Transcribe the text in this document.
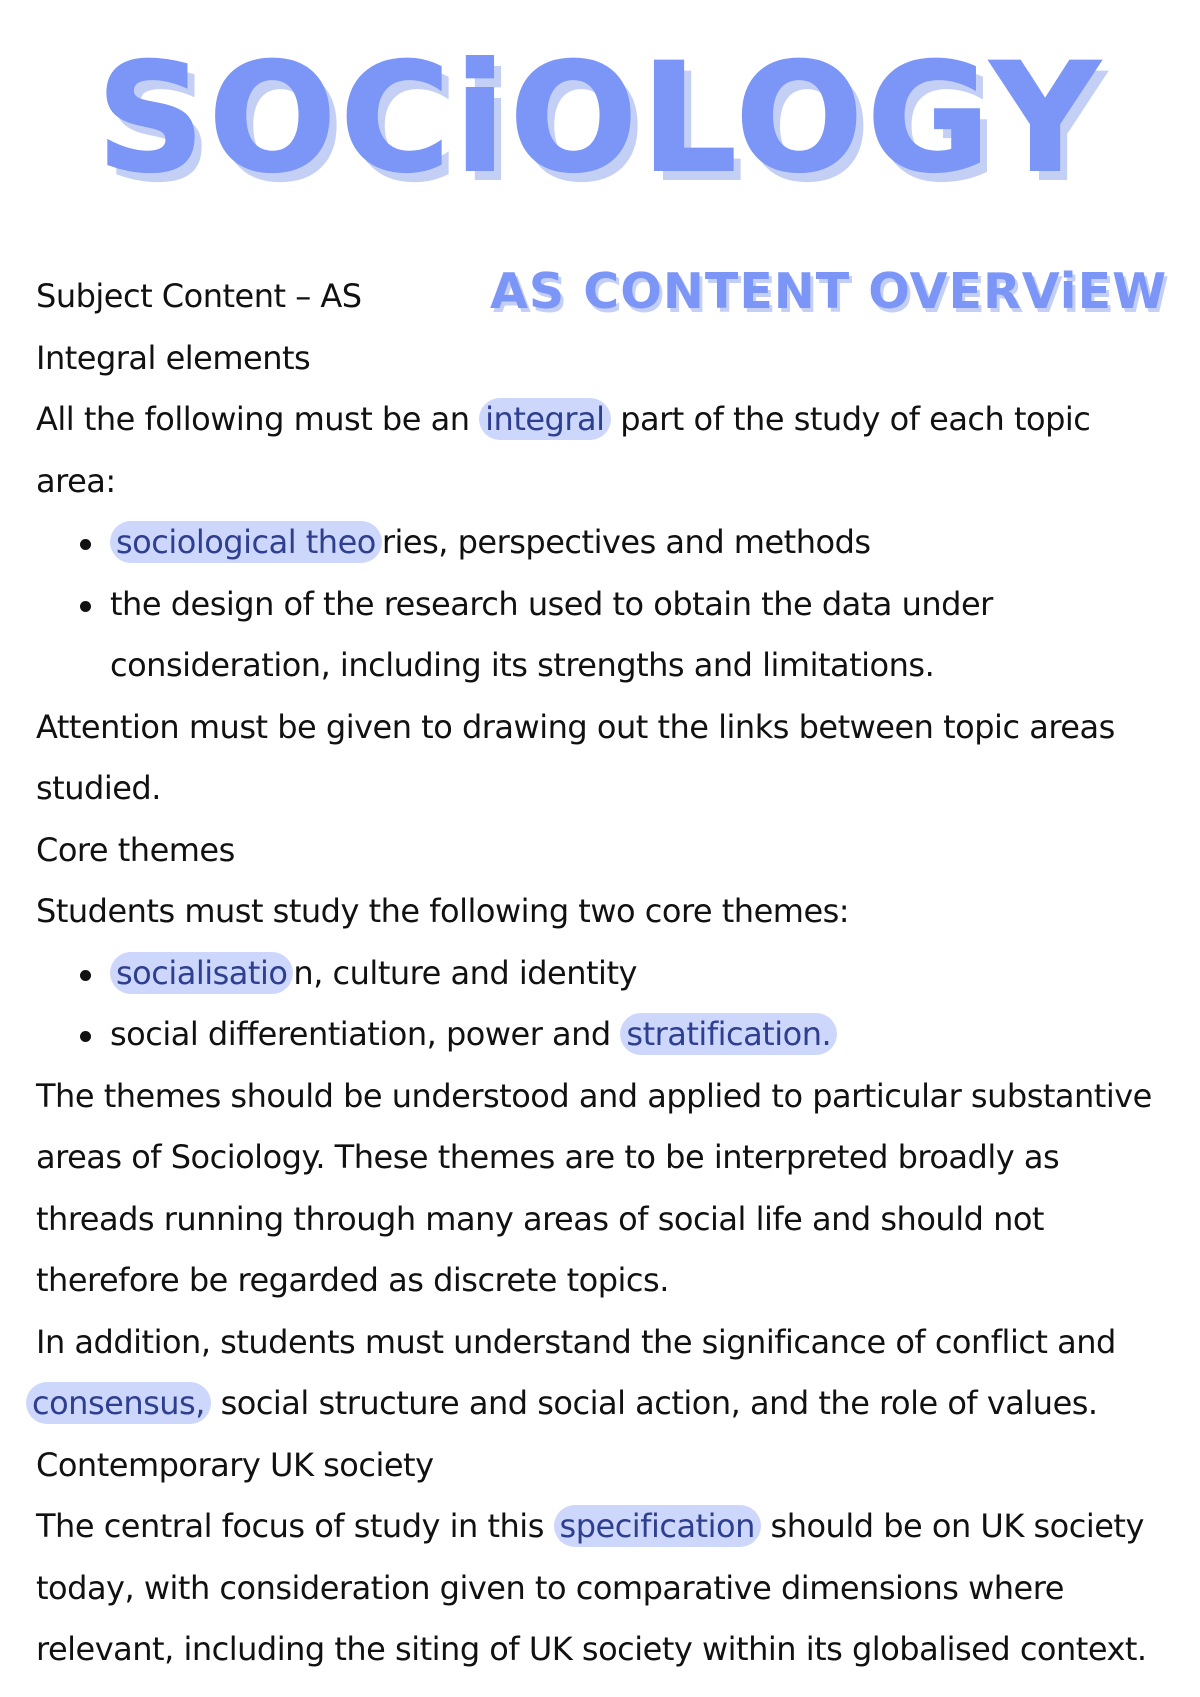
SOCiOLOGY
AS CONTENT OVERViEW

Subject Content – AS

Integral elements

All the following must be an integral part of the study of each topic

area:

sociological theo ries, perspectives and methods
the design of the research used to obtain the data under
consideration, including its strengths and limitations.

Attention must be given to drawing out the links between topic areas

studied.

Core themes

Students must study the following two core themes:

socialisatio n, culture and identity
social differentiation, power and stratification.

The themes should be understood and applied to particular substantive

areas of Sociology. These themes are to be interpreted broadly as

threads running through many areas of social life and should not

therefore be regarded as discrete topics.

In addition, students must understand the significance of conflict and

consensus, social structure and social action, and the role of values.

Contemporary UK society

The central focus of study in this specification should be on UK society

today, with consideration given to comparative dimensions where

relevant, including the siting of UK society within its globalised context.
